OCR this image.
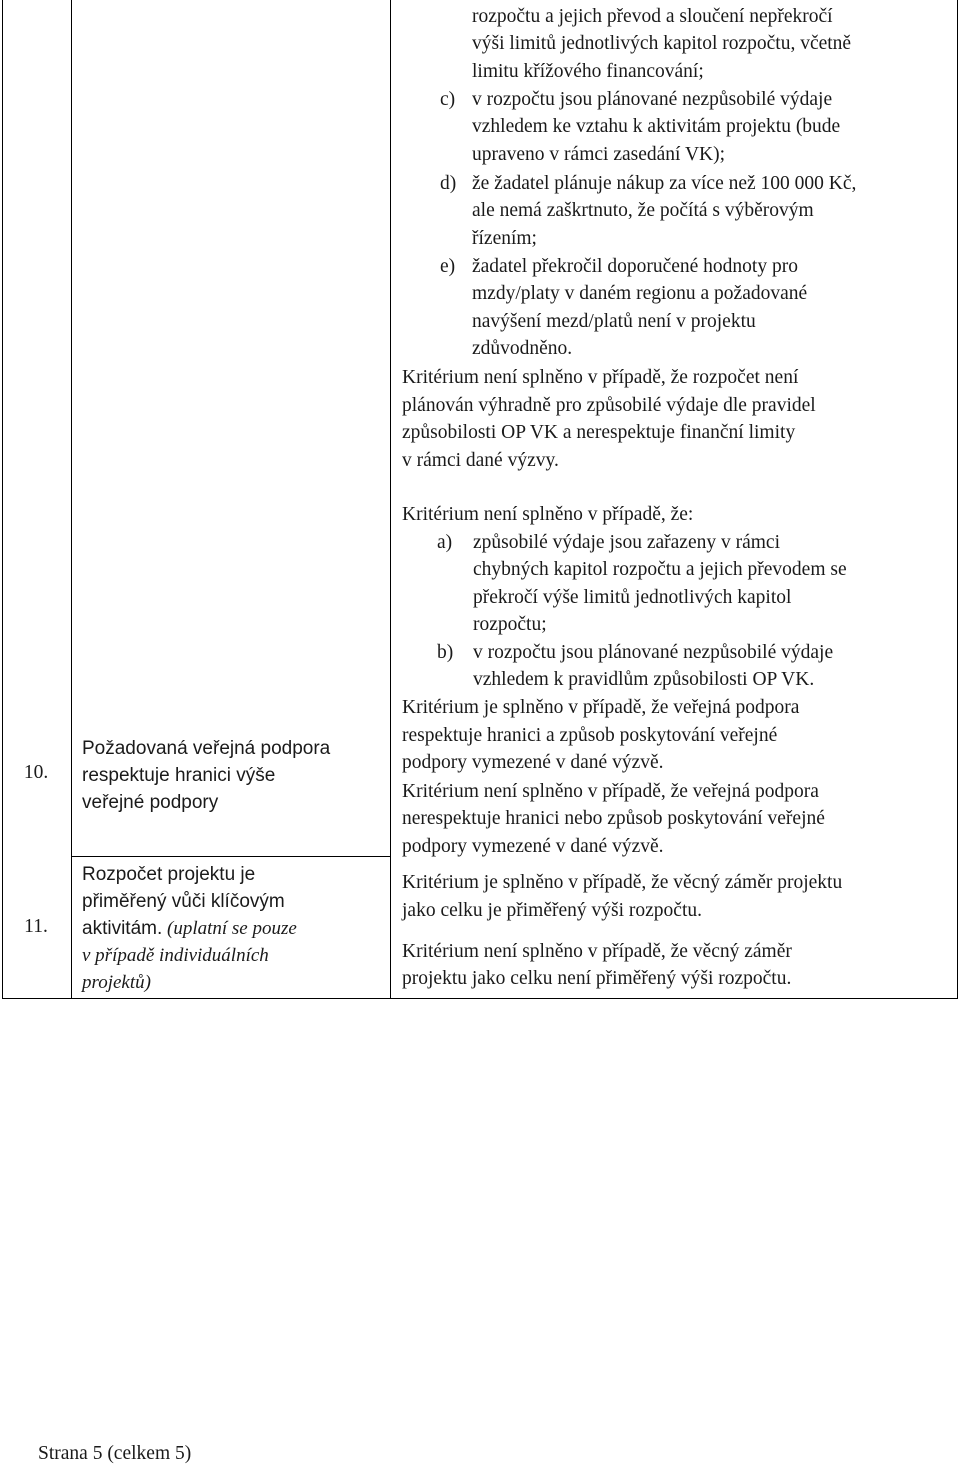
rozpočtu a jejich převod a sloučení nepřekročí
výši limitů jednotlivých kapitol rozpočtu, včetně
limitu křížového financování;
c) v rozpočtu jsou plánované nezpůsobilé výdaje
vzhledem ke vztahu k aktivitám projektu (bude
upraveno v rámci zasedání VK);
d) že žadatel plánuje nákup za více než 100 000 Kč,
ale nemá zaškrtnuto, že počítá s výběrovým
řízením;
e) žadatel překročil doporučené hodnoty pro
mzdy/platy v daném regionu a požadované
navýšení mezd/platů není v projektu
zdůvodněno.
Kritérium není splněno v případě, že rozpočet není
plánován výhradně pro způsobilé výdaje dle pravidel
způsobilosti OP VK a nerespektuje finanční limity
v rámci dané výzvy.
Kritérium není splněno v případě, že:
a) způsobilé výdaje jsou zařazeny v rámci
chybných kapitol rozpočtu a jejich převodem se
překročí výše limitů jednotlivých kapitol
rozpočtu;
b) v rozpočtu jsou plánované nezpůsobilé výdaje
vzhledem k pravidlům způsobilosti OP VK.
10.
Požadovaná veřejná podpora
respektuje hranici výše
veřejné podpory
Kritérium je splněno v případě, že veřejná podpora
respektuje hranici a způsob poskytování veřejné
podpory vymezené v dané výzvě.
Kritérium není splněno v případě, že veřejná podpora
nerespektuje hranici nebo způsob poskytování veřejné
podpory vymezené v dané výzvě.
11.
Rozpočet projektu je
přiměřený vůči klíčovým
aktivitám. (uplatní se pouze
v případě individuálních
projektů)
Kritérium je splněno v případě, že věcný záměr projektu
jako celku je přiměřený výši rozpočtu.
Kritérium není splněno v případě, že věcný záměr
projektu jako celku není přiměřený výši rozpočtu.
Strana 5 (celkem 5)
